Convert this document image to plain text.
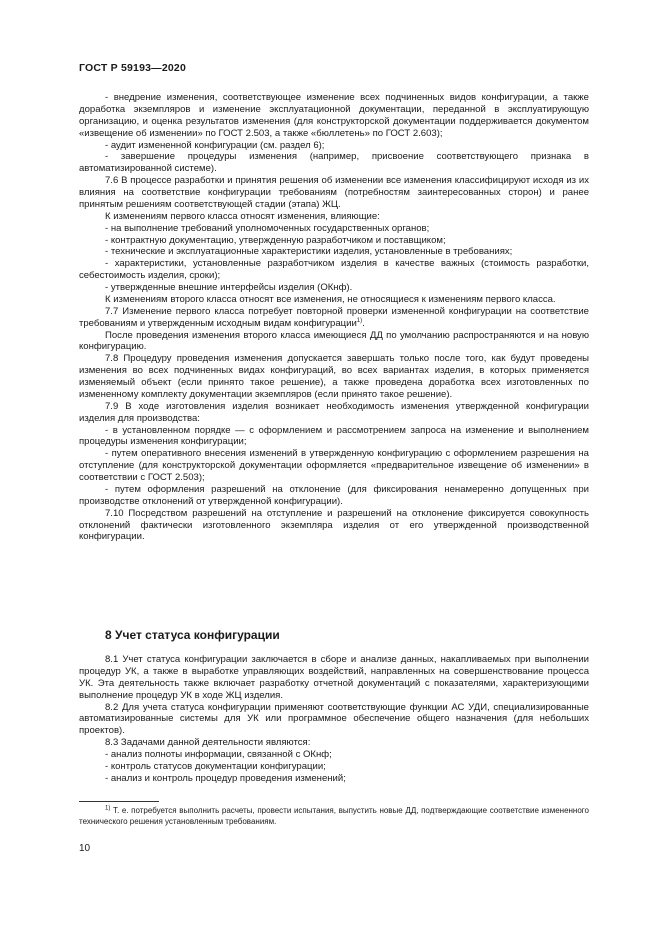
ГОСТ Р 59193—2020

- внедрение изменения, соответствующее изменение всех подчиненных видов конфигурации, а также доработка экземпляров и изменение эксплуатационной документации, переданной в эксплуатирующую организацию, и оценка результатов изменения (для конструкторской документации поддерживается документом «извещение об изменении» по ГОСТ 2.503, а также «бюллетень» по ГОСТ 2.603);

- аудит измененной конфигурации (см. раздел 6);

- завершение процедуры изменения (например, присвоение соответствующего признака в автоматизированной системе).

7.6 В процессе разработки и принятия решения об изменении все изменения классифицируют исходя из их влияния на соответствие конфигурации требованиям (потребностям заинтересованных сторон) и ранее принятым решениям соответствующей стадии (этапа) ЖЦ.

К изменениям первого класса относят изменения, влияющие:

- на выполнение требований уполномоченных государственных органов;

- контрактную документацию, утвержденную разработчиком и поставщиком;

- технические и эксплуатационные характеристики изделия, установленные в требованиях;

- характеристики, установленные разработчиком изделия в качестве важных (стоимость разработки, себестоимость изделия, сроки);

- утвержденные внешние интерфейсы изделия (ОКнф).

К изменениям второго класса относят все изменения, не относящиеся к изменениям первого класса.

7.7 Изменение первого класса потребует повторной проверки измененной конфигурации на соответствие требованиям и утвержденным исходным видам конфигурации$^{1)}$.

После проведения изменения второго класса имеющиеся ДД по умолчанию распространяются и на новую конфигурацию.

7.8 Процедуру проведения изменения допускается завершать только после того, как будут проведены изменения во всех подчиненных видах конфигураций, во всех вариантах изделия, в которых применяется изменяемый объект (если принято такое решение), а также проведена доработка всех изготовленных по измененному комплекту документации экземпляров (если принято такое решение).

7.9 В ходе изготовления изделия возникает необходимость изменения утвержденной конфигурации изделия для производства:

- в установленном порядке — с оформлением и рассмотрением запроса на изменение и выполнением процедуры изменения конфигурации;

- путем оперативного внесения изменений в утвержденную конфигурацию с оформлением разрешения на отступление (для конструкторской документации оформляется «предварительное извещение об изменении» в соответствии с ГОСТ 2.503);

- путем оформления разрешений на отклонение (для фиксирования ненамеренно допущенных при производстве отклонений от утвержденной конфигурации).

7.10 Посредством разрешений на отступление и разрешений на отклонение фиксируется совокупность отклонений фактически изготовленного экземпляра изделия от его утвержденной производственной конфигурации.

8 Учет статуса конфигурации

8.1 Учет статуса конфигурации заключается в сборе и анализе данных, накапливаемых при выполнении процедур УК, а также в выработке управляющих воздействий, направленных на совершенствование процесса УК. Эта деятельность также включает разработку отчетной документаций с показателями, характеризующими выполнение процедур УК в ходе ЖЦ изделия.

8.2 Для учета статуса конфигурации применяют соответствующие функции АС УДИ, специализированные автоматизированные системы для УК или программное обеспечение общего назначения (для небольших проектов).

8.3 Задачами данной деятельности являются:

- анализ полноты информации, связанной с ОКнф;

- контроль статусов документации конфигурации;

- анализ и контроль процедур проведения изменений;

$^{1)}$ Т. е. потребуется выполнить расчеты, провести испытания, выпустить новые ДД, подтверждающие соответствие измененного технического решения установленным требованиям.

10
